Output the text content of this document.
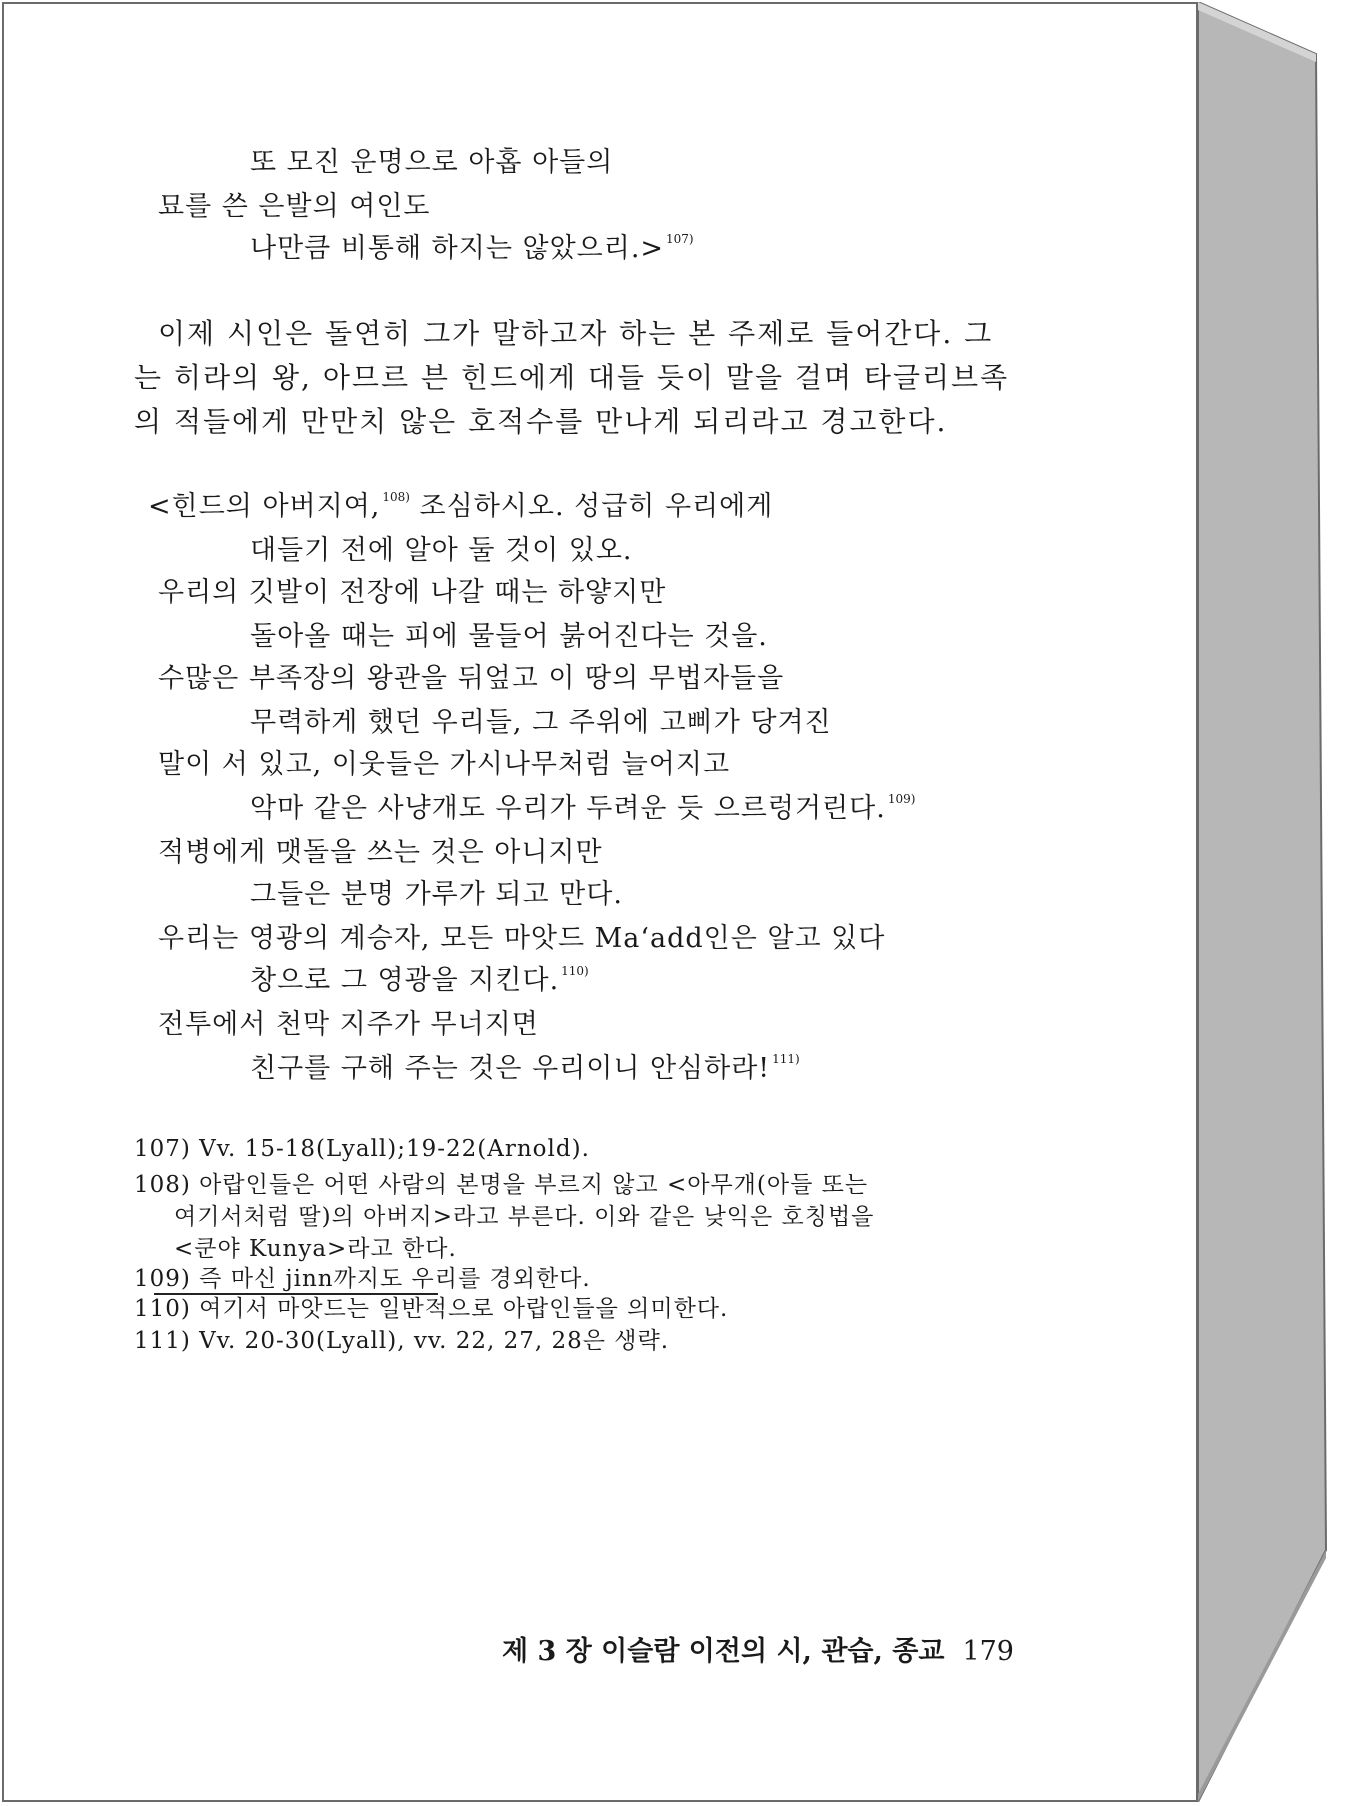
또 모진 운명으로 아홉 아들의
묘를 쓴 은발의 여인도
나만큼 비통해 하지는 않았으리.> $^{107)}$
이제 시인은 돌연히 그가 말하고자 하는 본 주제로 들어간다. 그
는 히라의 왕, 아므르 븐 힌드에게 대들 듯이 말을 걸며 타글리브족
의 적들에게 만만치 않은 호적수를 만나게 되리라고 경고한다.
<힌드의 아버지여, $^{108)}$ 조심하시오. 성급히 우리에게
대들기 전에 알아 둘 것이 있오.
우리의 깃발이 전장에 나갈 때는 하얗지만
돌아올 때는 피에 물들어 붉어진다는 것을.
수많은 부족장의 왕관을 뒤엎고 이 땅의 무법자들을
무력하게 했던 우리들, 그 주위에 고삐가 당겨진
말이 서 있고, 이웃들은 가시나무처럼 늘어지고
악마 같은 사냥개도 우리가 두려운 듯 으르렁거린다. $^{109)}$
적병에게 맷돌을 쓰는 것은 아니지만
그들은 분명 가루가 되고 만다.
우리는 영광의 계승자, 모든 마앗드 Ma‘add인은 알고 있다
창으로 그 영광을 지킨다. $^{110)}$
전투에서 천막 지주가 무너지면
친구를 구해 주는 것은 우리이니 안심하라! $^{111)}$
107) Vv. 15-18(Lyall);19-22(Arnold).
108) 아랍인들은 어떤 사람의 본명을 부르지 않고 <아무개(아들 또는
여기서처럼 딸)의 아버지>라고 부른다. 이와 같은 낮익은 호칭법을
<쿤야 Kunya>라고 한다.
109) 즉 마신 jinn까지도 우리를 경외한다.
110) 여기서 마앗드는 일반적으로 아랍인들을 의미한다.
111) Vv. 20-30(Lyall), vv. 22, 27, 28은 생략.
제 3 장 이슬람 이전의 시, 관습, 종교 179
